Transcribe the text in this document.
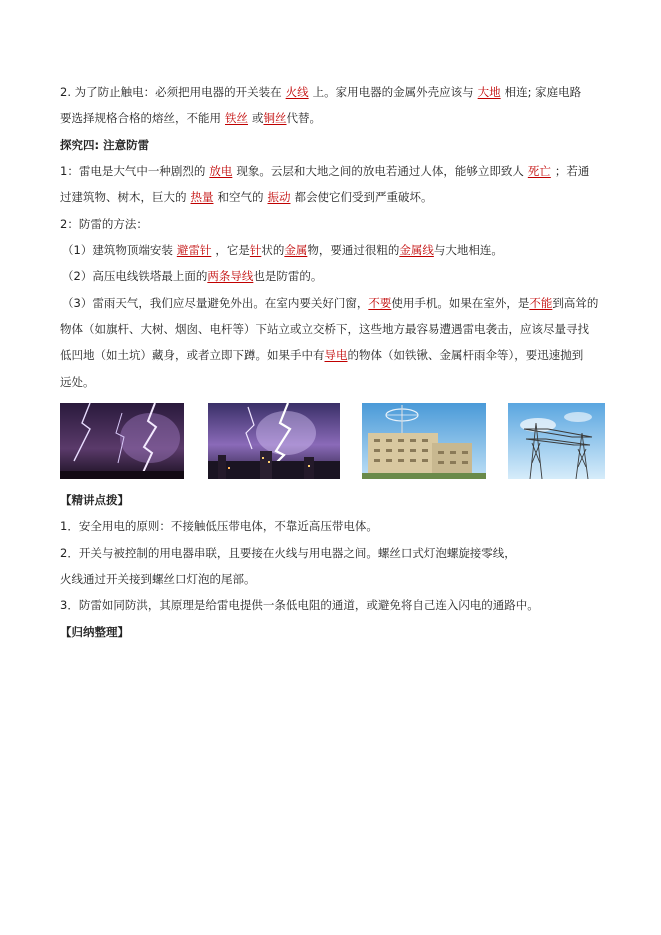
2. 为了防止触电：必须把用电器的开关装在 火线 上。家用电器的金属外壳应该与 大地 相连; 家庭电路
要选择规格合格的熔丝，不能用 铁丝 或铜丝代替。
探究四: 注意防雷
1：雷电是大气中一种剧烈的 放电 现象。云层和大地之间的放电若通过人体，能够立即致人 死亡 ；若通
过建筑物、树木，巨大的 热量 和空气的 振动 都会使它们受到严重破坏。
2：防雷的方法：
（1）建筑物顶端安装 避雷针 ，它是针状的金属物，要通过很粗的金属线与大地相连。
（2）高压电线铁塔最上面的两条导线也是防雷的。
（3）雷雨天气，我们应尽量避免外出。在室内要关好门窗，不要使用手机。如果在室外，是不能到高耸的
物体（如旗杆、大树、烟囱、电杆等）下站立或立交桥下，这些地方最容易遭遇雷电袭击，应该尽量寻找
低凹地（如土坑）藏身，或者立即下蹲。如果手中有导电的物体（如铁锹、金属杆雨伞等），要迅速抛到
远处。
【精讲点拨】
1．安全用电的原则：不接触低压带电体，不靠近高压带电体。
2．开关与被控制的用电器串联，且要接在火线与用电器之间。螺丝口式灯泡螺旋接零线，
火线通过开关接到螺丝口灯泡的尾部。
3．防雷如同防洪，其原理是给雷电提供一条低电阻的通道，或避免将自己连入闪电的通路中。
【归纳整理】
